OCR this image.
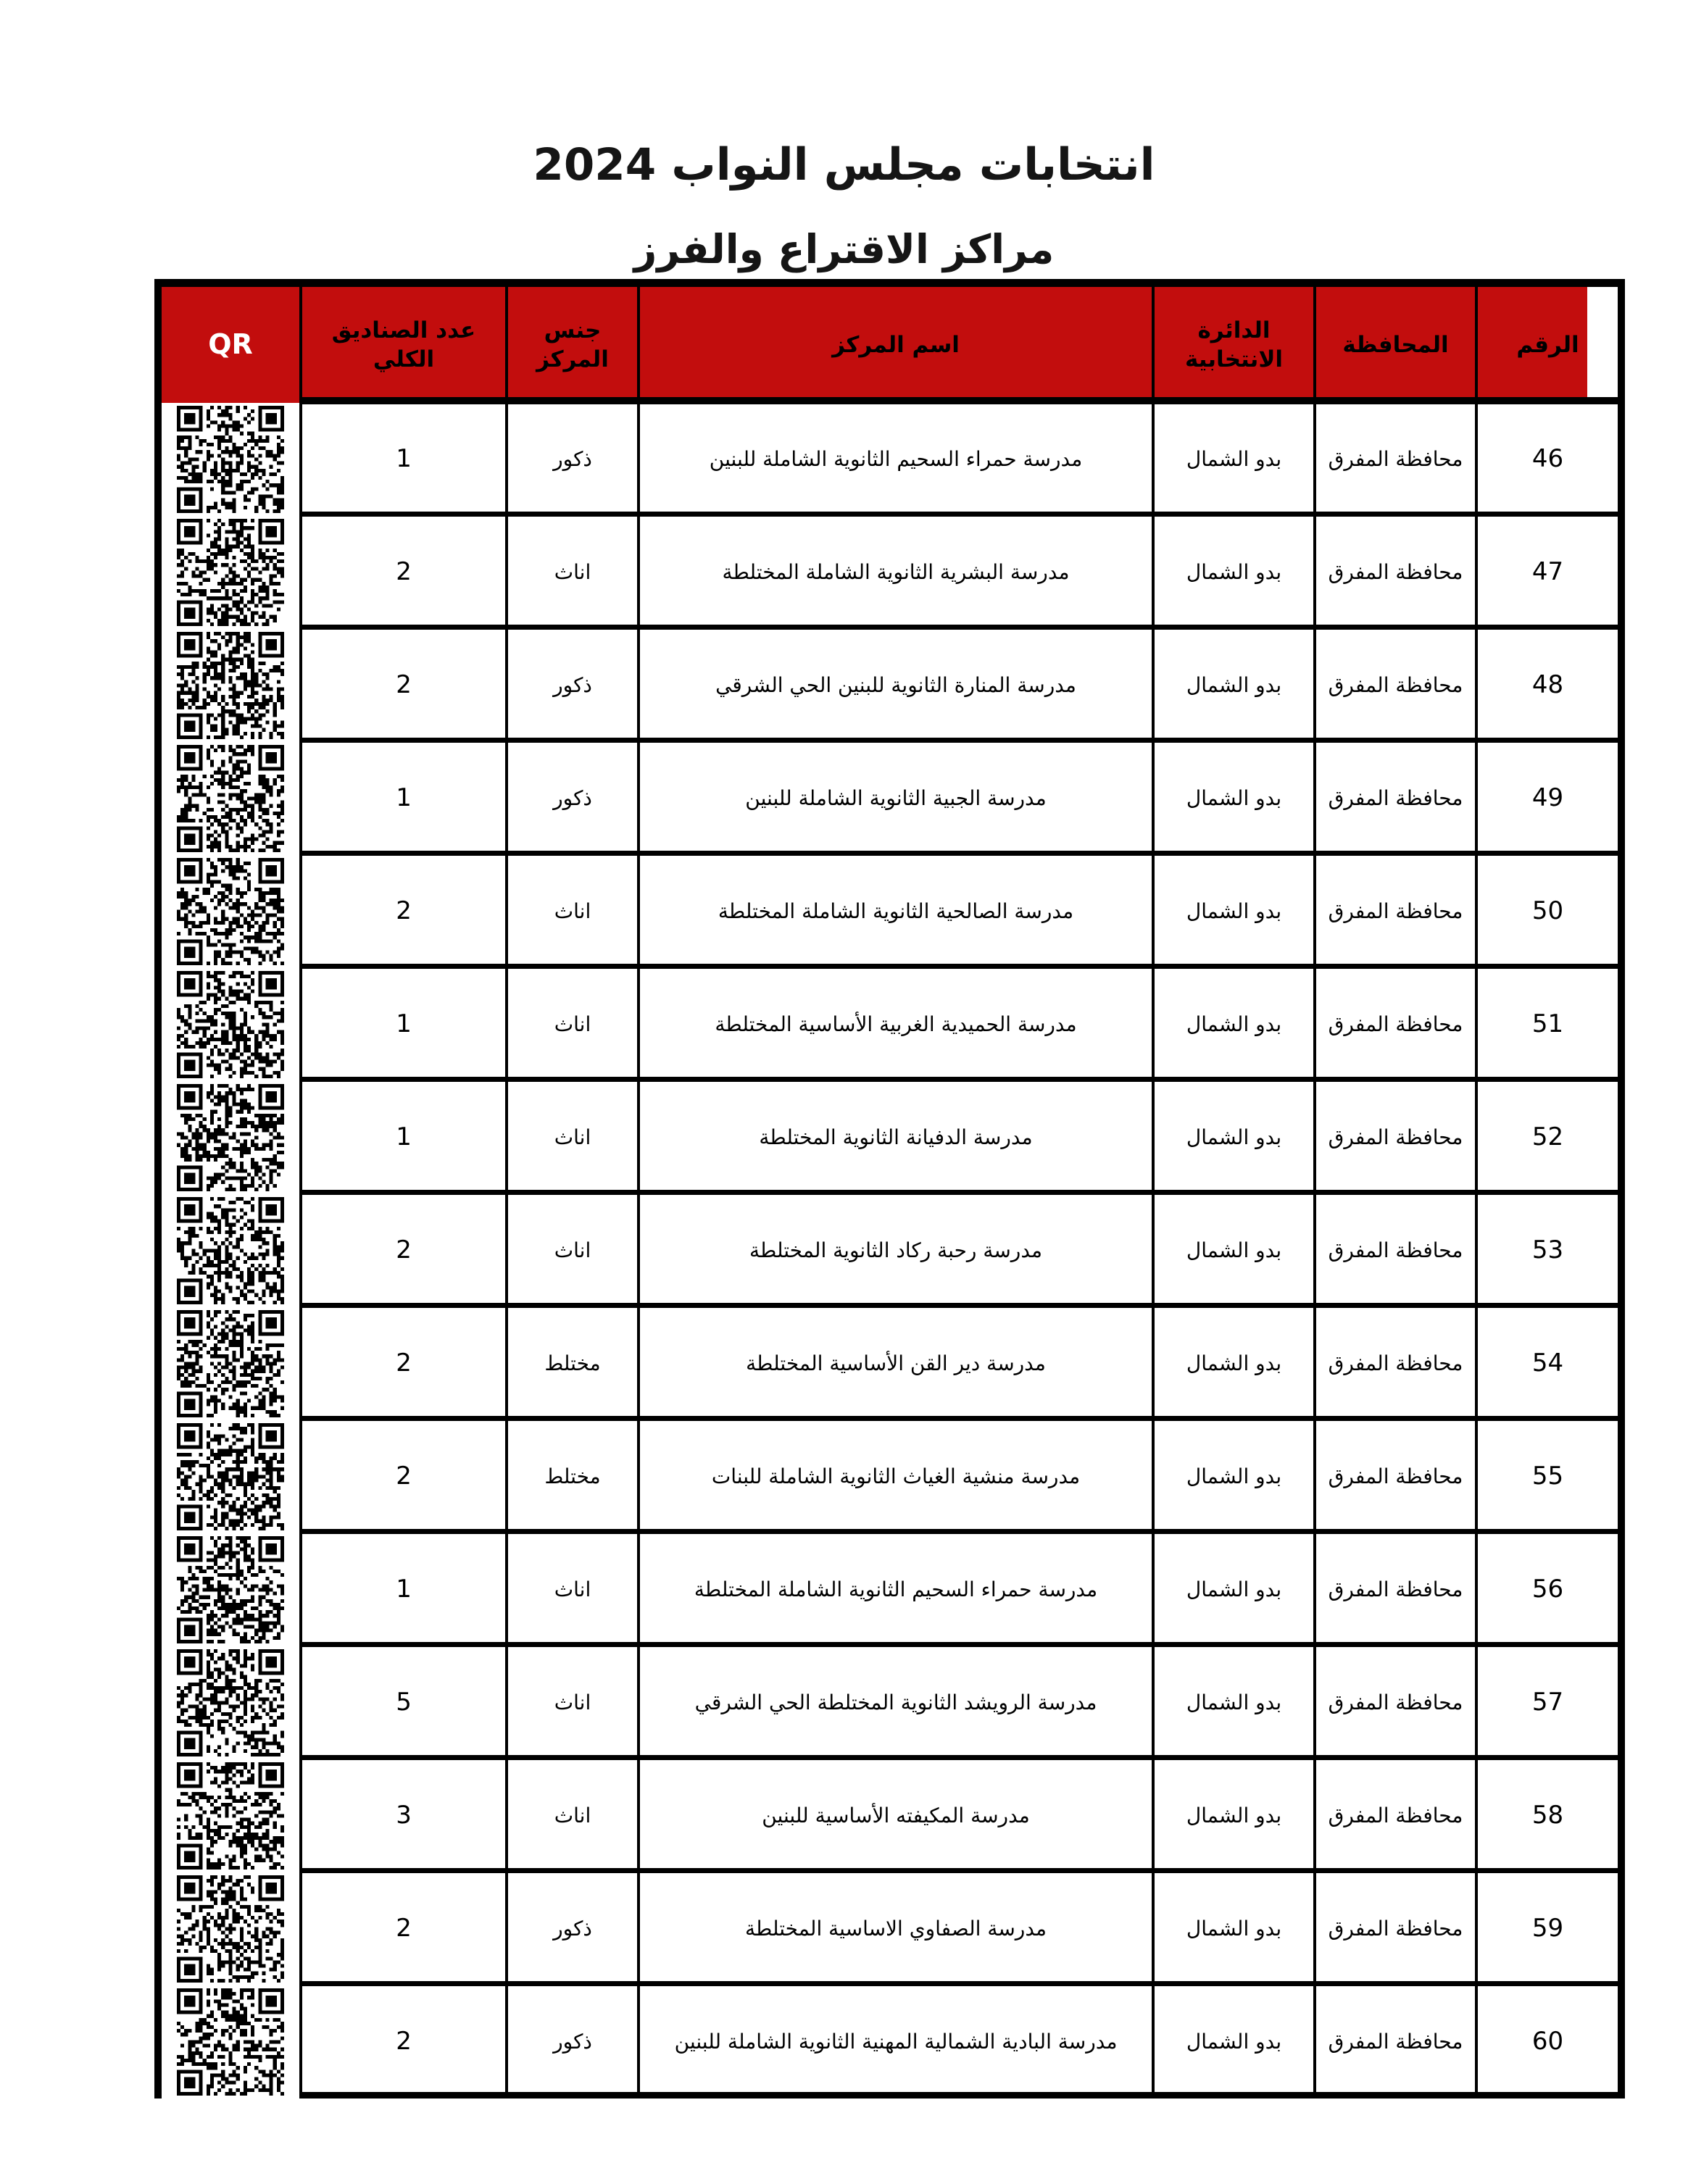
انتخابات مجلس النواب 2024
مراكز الاقتراع والفرز
الرقم
المحافظة
الدائرة الانتخابية
اسم المركز
جنس المركز
عدد الصناديق الكلي
QR
46
محافظة المفرق
بدو الشمال
مدرسة حمراء السحيم الثانوية الشاملة للبنين
ذكور
1
47
محافظة المفرق
بدو الشمال
مدرسة البشرية الثانوية الشاملة المختلطة
اناث
2
48
محافظة المفرق
بدو الشمال
مدرسة المنارة الثانوية للبنين الحي الشرقي
ذكور
2
49
محافظة المفرق
بدو الشمال
مدرسة الجبية الثانوية الشاملة للبنين
ذكور
1
50
محافظة المفرق
بدو الشمال
مدرسة الصالحية الثانوية الشاملة المختلطة
اناث
2
51
محافظة المفرق
بدو الشمال
مدرسة الحميدية الغربية الأساسية المختلطة
اناث
1
52
محافظة المفرق
بدو الشمال
مدرسة الدفيانة الثانوية المختلطة
اناث
1
53
محافظة المفرق
بدو الشمال
مدرسة رحبة ركاد الثانوية المختلطة
اناث
2
54
محافظة المفرق
بدو الشمال
مدرسة دير القن الأساسية المختلطة
مختلط
2
55
محافظة المفرق
بدو الشمال
مدرسة منشية الغياث الثانوية الشاملة للبنات
مختلط
2
56
محافظة المفرق
بدو الشمال
مدرسة حمراء السحيم الثانوية الشاملة المختلطة
اناث
1
57
محافظة المفرق
بدو الشمال
مدرسة الرويشد الثانوية المختلطة الحي الشرقي
اناث
5
58
محافظة المفرق
بدو الشمال
مدرسة المكيفته الأساسية للبنين
اناث
3
59
محافظة المفرق
بدو الشمال
مدرسة الصفاوي الاساسية المختلطة
ذكور
2
60
محافظة المفرق
بدو الشمال
مدرسة البادية الشمالية المهنية الثانوية الشاملة للبنين
ذكور
2
